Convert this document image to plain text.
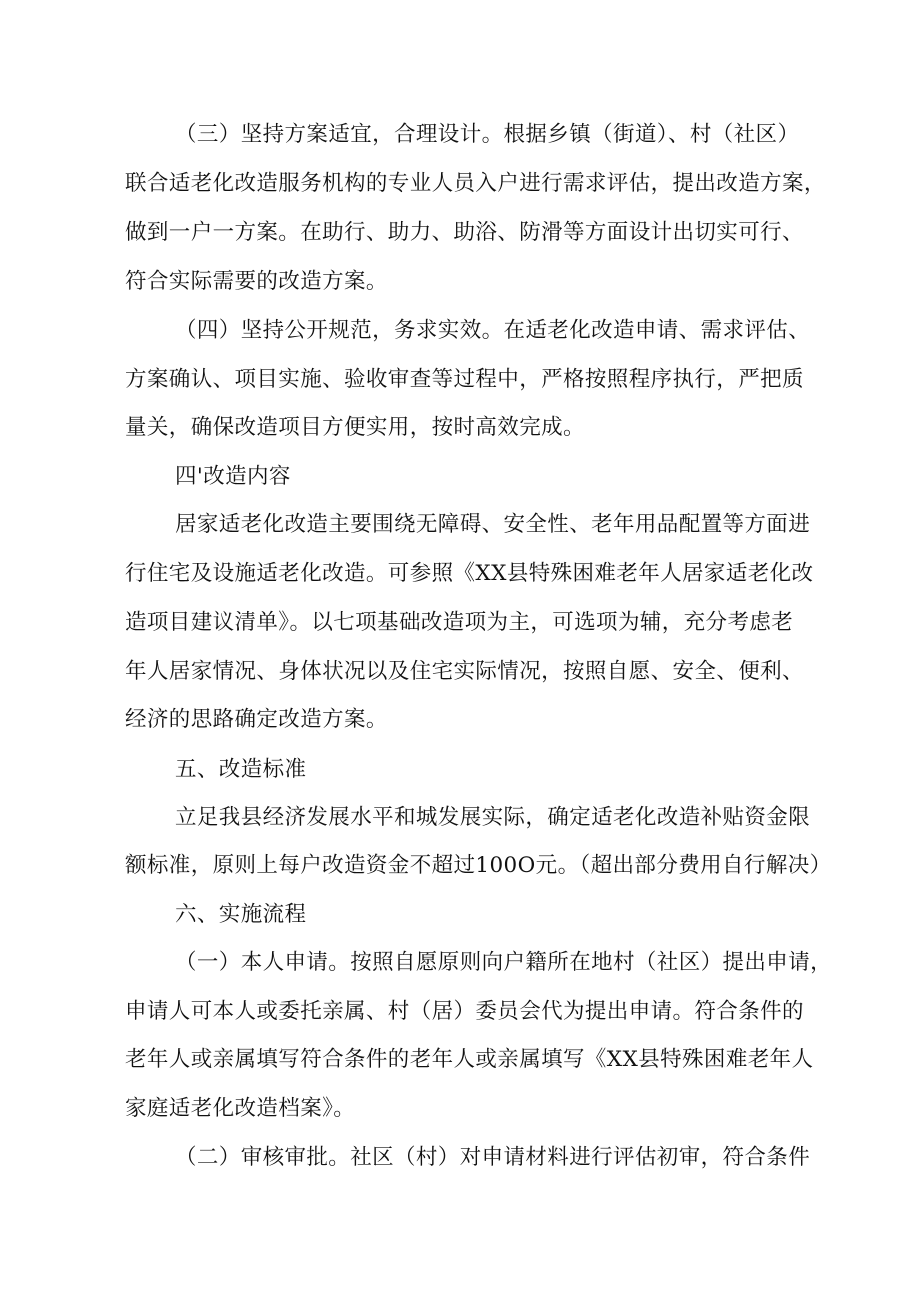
（三）坚持方案适宜，合理设计。根据乡镇（街道）、村（社区）
联合适老化改造服务机构的专业人员入户进行需求评估，提出改造方案，
做到一户一方案。在助行、助力、助浴、防滑等方面设计出切实可行、
符合实际需要的改造方案。
（四）坚持公开规范，务求实效。在适老化改造申请、需求评估、
方案确认、项目实施、验收审查等过程中，严格按照程序执行，严把质
量关，确保改造项目方便实用，按时高效完成。
四'改造内容
居家适老化改造主要围绕无障碍、安全性、老年用品配置等方面进
行住宅及设施适老化改造。可参照《XX县特殊困难老年人居家适老化改
造项目建议清单》。以七项基础改造项为主，可选项为辅，充分考虑老
年人居家情况、身体状况以及住宅实际情况，按照自愿、安全、便利、
经济的思路确定改造方案。
五、改造标准
立足我县经济发展水平和城发展实际，确定适老化改造补贴资金限
额标准，原则上每户改造资金不超过100O元。（超出部分费用自行解决）
六、实施流程
（一）本人申请。按照自愿原则向户籍所在地村（社区）提出申请，
申请人可本人或委托亲属、村（居）委员会代为提出申请。符合条件的
老年人或亲属填写符合条件的老年人或亲属填写《XX县特殊困难老年人
家庭适老化改造档案》。
（二）审核审批。社区（村）对申请材料进行评估初审，符合条件
